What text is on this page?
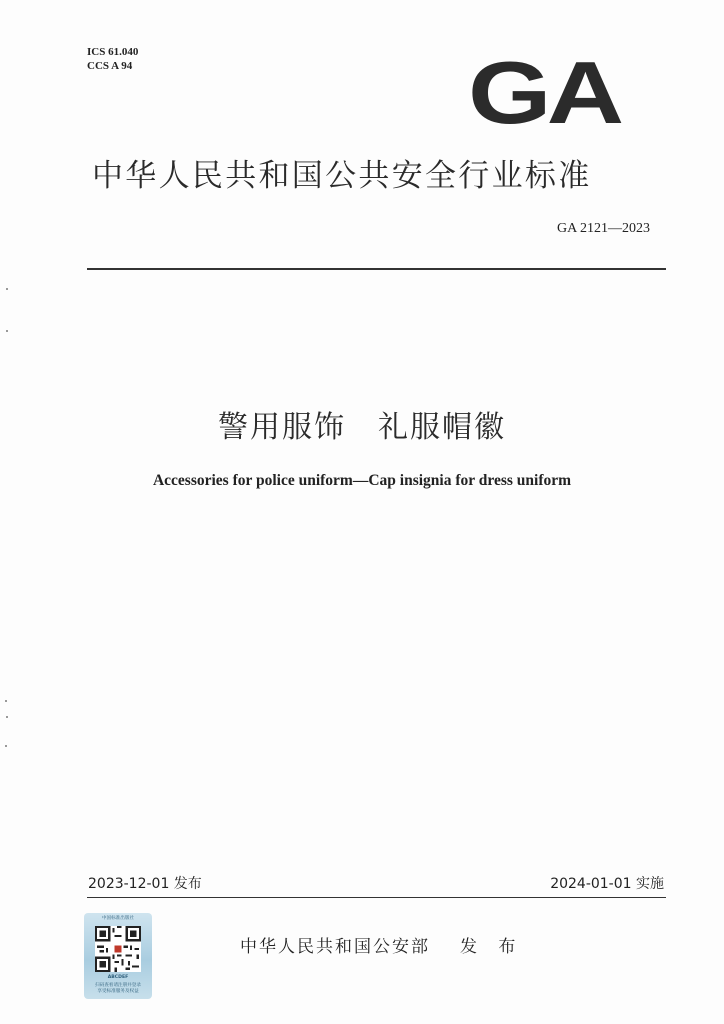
ICS 61.040
CCS A 94	GA
中华人民共和国公共安全行业标准
GA 2121—2023
警用服饰　礼服帽徽
Accessories for police uniform—Cap insignia for dress uniform
2023-12-01 发布	2024-01-01 实施
中国标准出版社
ABCDEF
扫码查看请注册并登录
享受标准服务及权益
中华人民共和国公安部 发 布
